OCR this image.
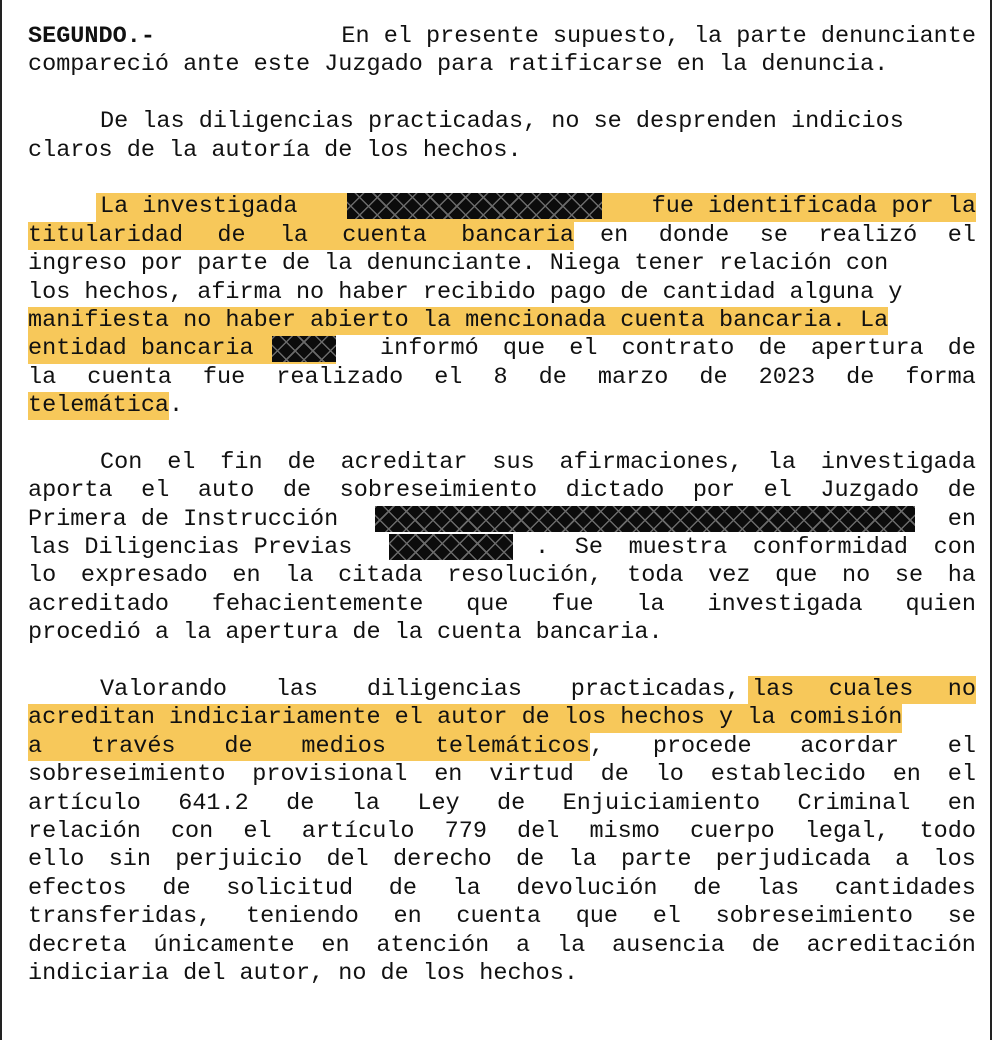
SEGUNDO.-	En el presente supuesto, la parte denunciante
compareció ante este Juzgado para ratificarse en la denuncia.
De las diligencias practicadas, no se desprenden indicios
claros de la autoría de los hechos.
La investigada	fue identificada por la
titularidad de la cuenta bancaria en donde se realizó el
ingreso por parte de la denunciante. Niega tener relación con
los hechos, afirma no haber recibido pago de cantidad alguna y
manifiesta no haber abierto la mencionada cuenta bancaria. La
entidad bancaria	informó que el contrato de apertura de
la cuenta fue realizado el 8 de marzo de 2023 de forma
telemática .
Con el fin de acreditar sus afirmaciones, la investigada
aporta el auto de sobreseimiento dictado por el Juzgado de
Primera de Instrucción	en
las Diligencias Previas	. Se muestra conformidad con
lo expresado en la citada resolución, toda vez que no se ha
acreditado fehacientemente que fue la investigada quien
procedió a la apertura de la cuenta bancaria.
Valorando las diligencias practicadas, las cuales no
acreditan indiciariamente el autor de los hechos y la comisión
a través de medios telemáticos , procede acordar el
sobreseimiento provisional en virtud de lo establecido en el
artículo 641.2 de la Ley de Enjuiciamiento Criminal en
relación con el artículo 779 del mismo cuerpo legal, todo
ello sin perjuicio del derecho de la parte perjudicada a los
efectos de solicitud de la devolución de las cantidades
transferidas, teniendo en cuenta que el sobreseimiento se
decreta únicamente en atención a la ausencia de acreditación
indiciaria del autor, no de los hechos.
